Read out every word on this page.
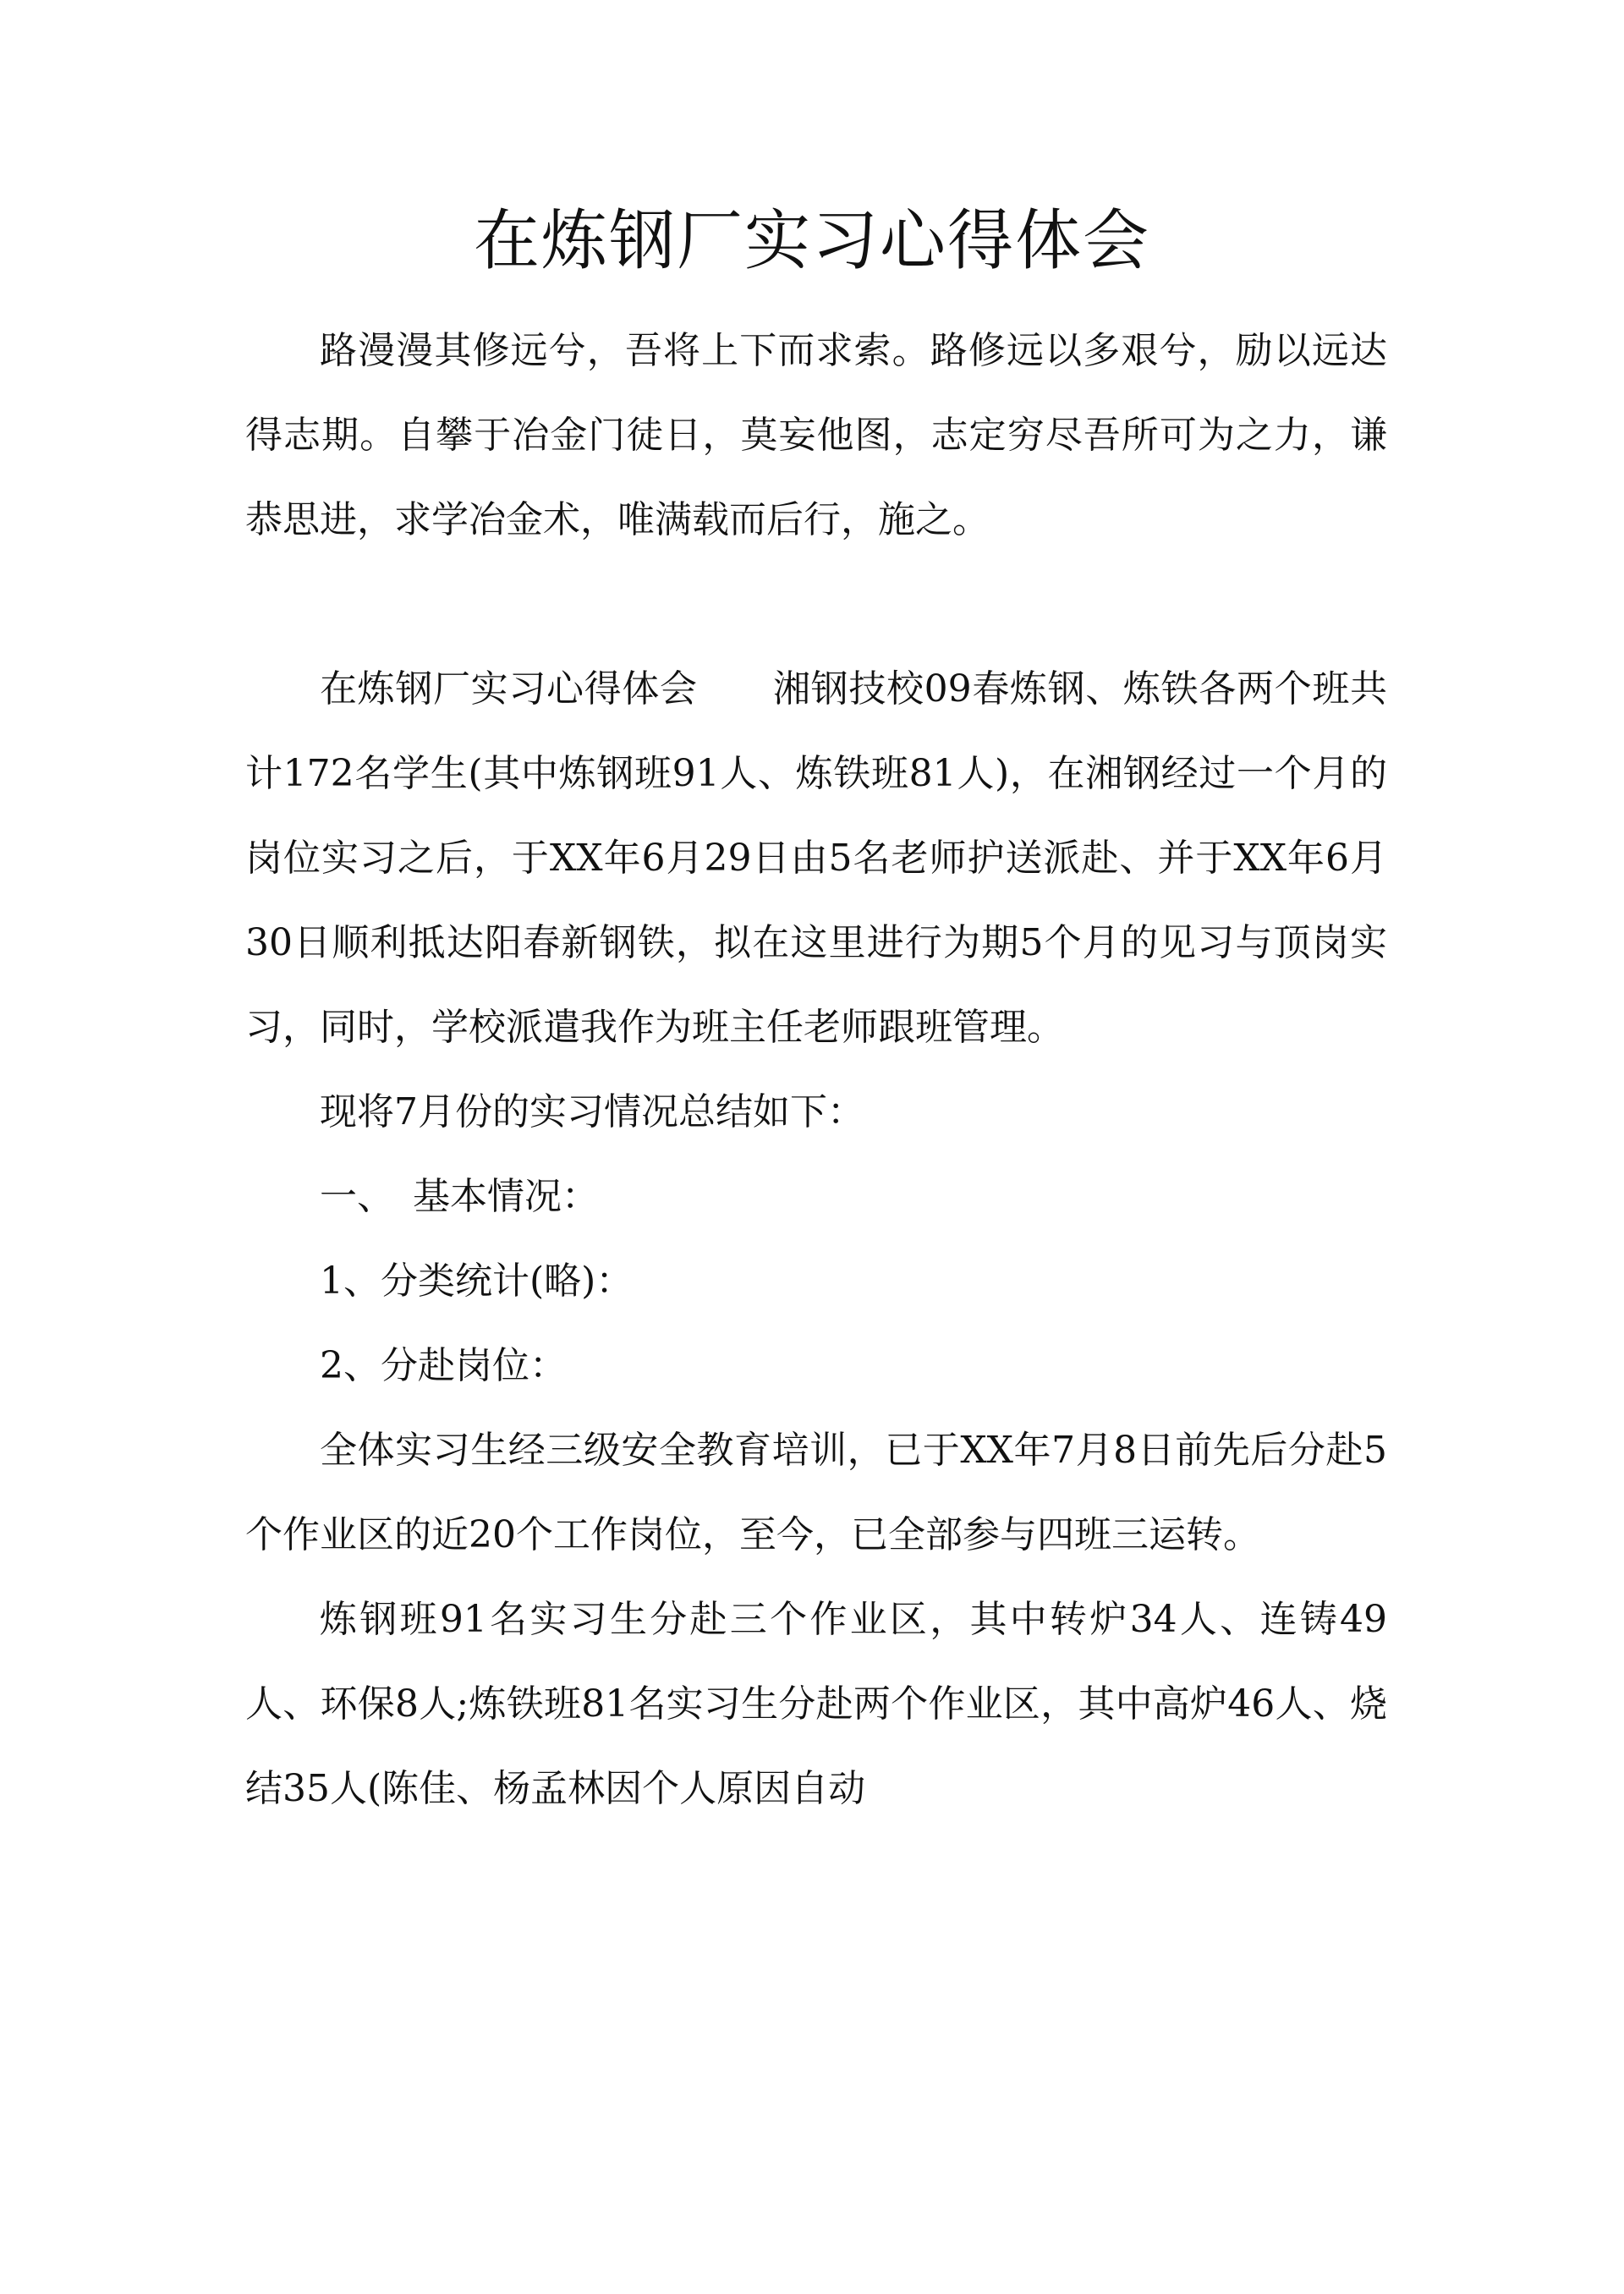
在炼钢厂实习心得体会

路漫漫其修远兮，吾将上下而求索。路修远以多艰兮，励以远达得志期。自攀于冶金门徒日，莫妄他图，志定穷尽吾所可为之力，谦恭思进，求学冶金术，唯满载而后行，施之。

在炼钢厂实习心得体会　　湘钢技校09春炼钢、炼铁各两个班共计172名学生(其中炼钢班91人、炼铁班81人)，在湘钢经过一个月的岗位实习之后，于XX年6月29日由5名老师护送派赴、并于XX年6月30日顺利抵达阳春新钢铁，拟在这里进行为期5个月的见习与顶岗实习，同时，学校派遣我作为班主任老师跟班管理。

现将7月份的实习情况总结如下：

一、　基本情况：

1、分类统计(略)：

2、分赴岗位：

全体实习生经三级安全教育培训，已于XX年7月8日前先后分赴5个作业区的近20个工作岗位，至今，已全部参与四班三运转。

炼钢班91名实习生分赴三个作业区，其中转炉34人、连铸49人、环保8人;炼铁班81名实习生分赴两个作业区，其中高炉46人、烧结35人(陈佳、杨孟林因个人原因自动
